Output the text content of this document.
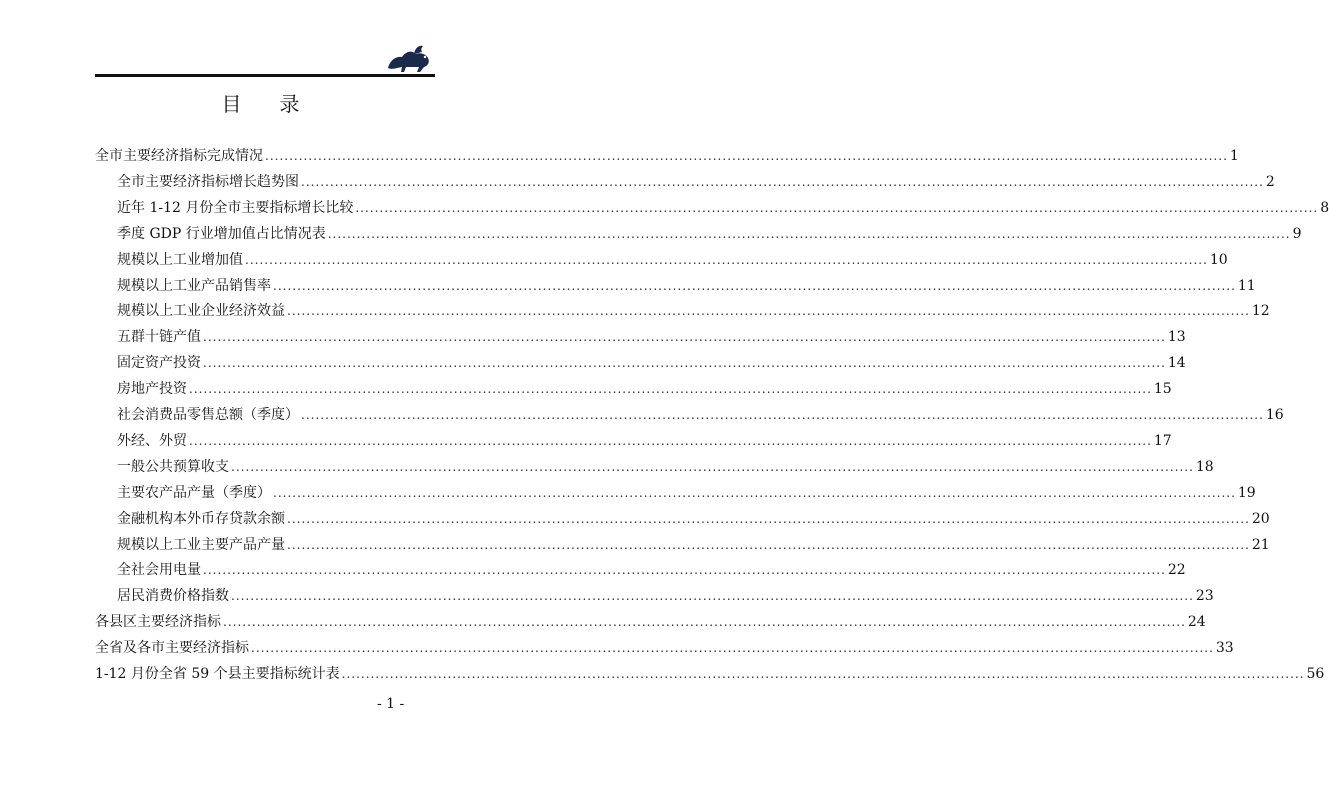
目 录
全市主要经济指标完成情况 ........................................................................................................................................................................................................ 1
全市主要经济指标增长趋势图 ........................................................................................................................................................................................................ 2
近年 1-12 月份全市主要指标增长比较 ........................................................................................................................................................................................................ 8
季度 GDP 行业增加值占比情况表 ........................................................................................................................................................................................................ 9
规模以上工业增加值 ........................................................................................................................................................................................................ 10
规模以上工业产品销售率 ........................................................................................................................................................................................................ 11
规模以上工业企业经济效益 ........................................................................................................................................................................................................ 12
五群十链产值 ........................................................................................................................................................................................................ 13
固定资产投资 ........................................................................................................................................................................................................ 14
房地产投资 ........................................................................................................................................................................................................ 15
社会消费品零售总额（季度） ........................................................................................................................................................................................................ 16
外经、外贸 ........................................................................................................................................................................................................ 17
一般公共预算收支 ........................................................................................................................................................................................................ 18
主要农产品产量（季度） ........................................................................................................................................................................................................ 19
金融机构本外币存贷款余额 ........................................................................................................................................................................................................ 20
规模以上工业主要产品产量 ........................................................................................................................................................................................................ 21
全社会用电量 ........................................................................................................................................................................................................ 22
居民消费价格指数 ........................................................................................................................................................................................................ 23
各县区主要经济指标 ........................................................................................................................................................................................................ 24
全省及各市主要经济指标 ........................................................................................................................................................................................................ 33
1-12 月份全省 59 个县主要指标统计表 ........................................................................................................................................................................................................ 56
- 1 -
